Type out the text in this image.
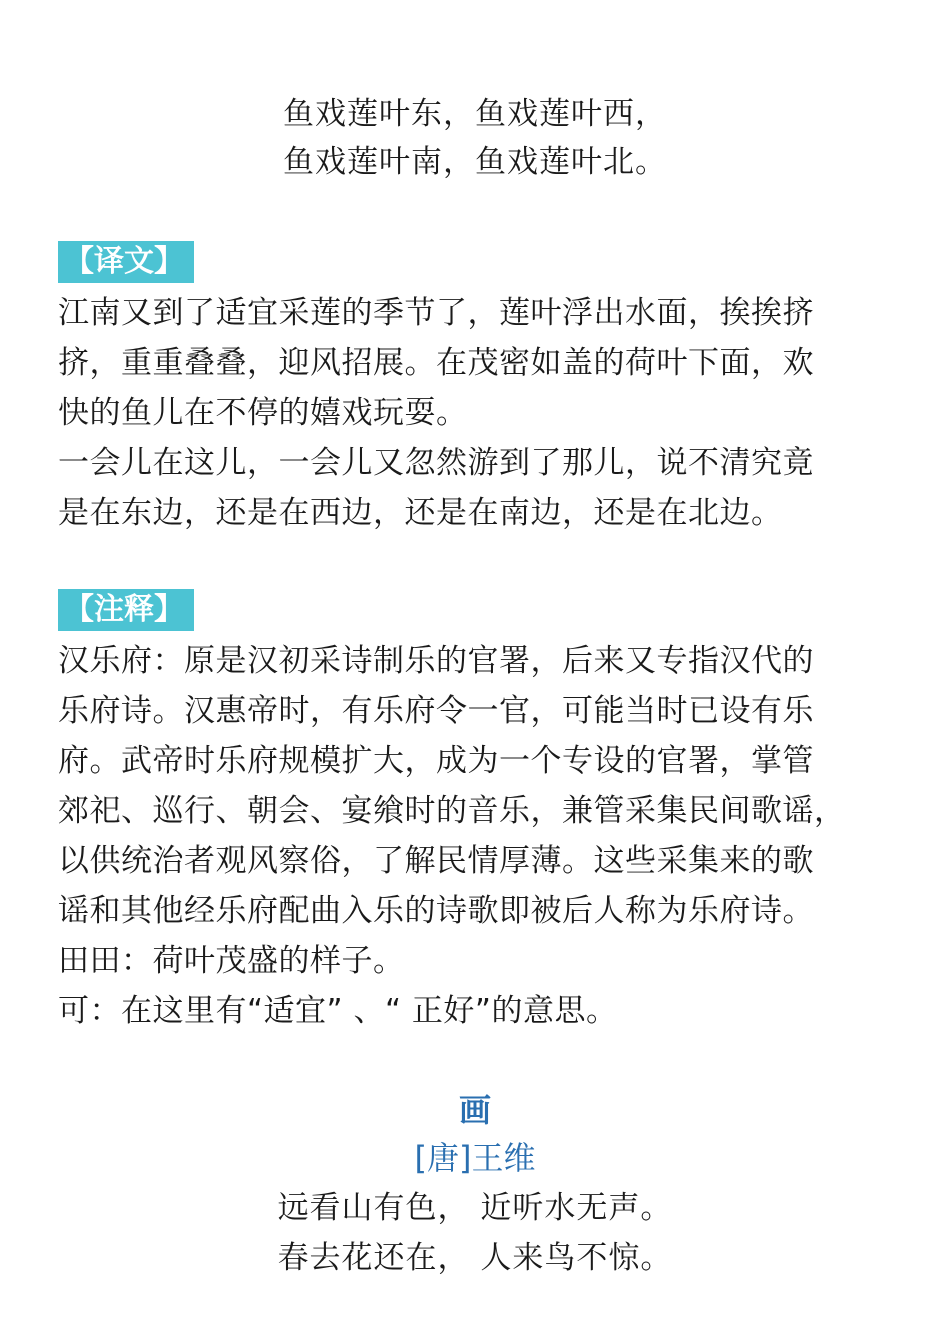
鱼戏莲叶东，鱼戏莲叶西，
鱼戏莲叶南，鱼戏莲叶北。
【译文】
江南又到了适宜采莲的季节了，莲叶浮出水面，挨挨挤
挤，重重叠叠，迎风招展。在茂密如盖的荷叶下面，欢
快的鱼儿在不停的嬉戏玩耍。
一会儿在这儿，一会儿又忽然游到了那儿，说不清究竟
是在东边，还是在西边，还是在南边，还是在北边。
【注释】
汉乐府：原是汉初采诗制乐的官署，后来又专指汉代的
乐府诗。汉惠帝时，有乐府令一官，可能当时已设有乐
府。武帝时乐府规模扩大，成为一个专设的官署，掌管
郊祀、巡行、朝会、宴飨时的音乐，兼管采集民间歌谣，
以供统治者观风察俗，了解民情厚薄。这些采集来的歌
谣和其他经乐府配曲入乐的诗歌即被后人称为乐府诗。
田田：荷叶茂盛的样子。
可：在这里有“适宜” 、“ 正好”的意思。
画
[唐]王维
远看山有色， 近听水无声。
春去花还在， 人来鸟不惊。
